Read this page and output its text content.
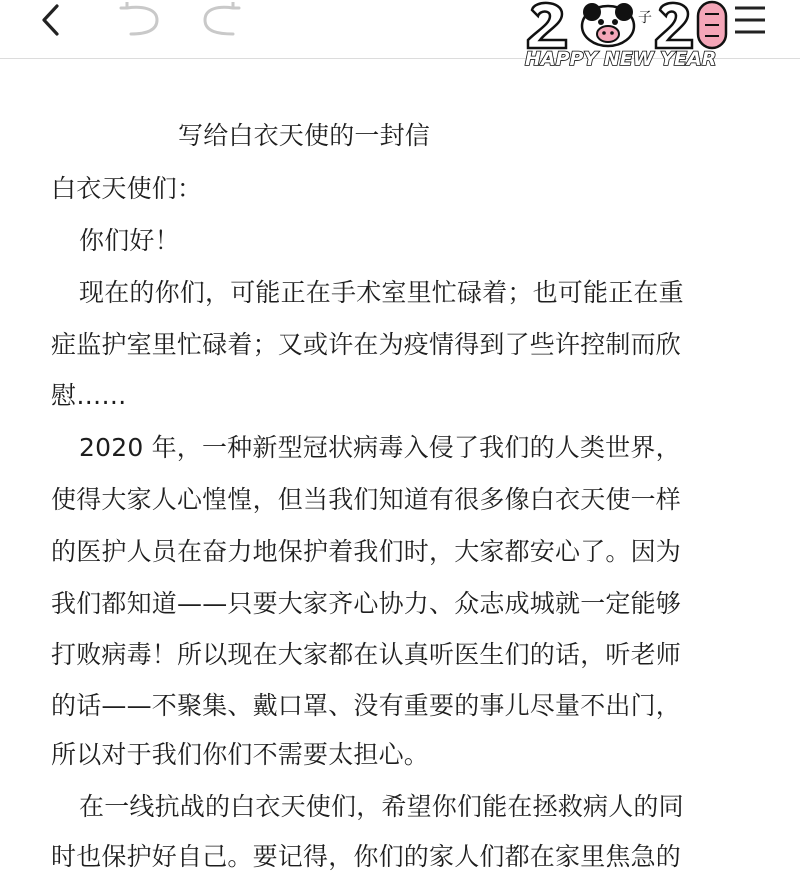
子
HAPPY NEW YEAR
写给白衣天使的一封信
白衣天使们：
你们好！
现在的你们，可能正在手术室里忙碌着；也可能正在重
症监护室里忙碌着；又或许在为疫情得到了些许控制而欣
慰……
2020 年，一种新型冠状病毒入侵了我们的人类世界，
使得大家人心惶惶，但当我们知道有很多像白衣天使一样
的医护人员在奋力地保护着我们时，大家都安心了。因为
我们都知道——只要大家齐心协力、众志成城就一定能够
打败病毒！所以现在大家都在认真听医生们的话，听老师
的话——不聚集、戴口罩、没有重要的事儿尽量不出门，
所以对于我们你们不需要太担心。
在一线抗战的白衣天使们，希望你们能在拯救病人的同
时也保护好自己。要记得，你们的家人们都在家里焦急的
